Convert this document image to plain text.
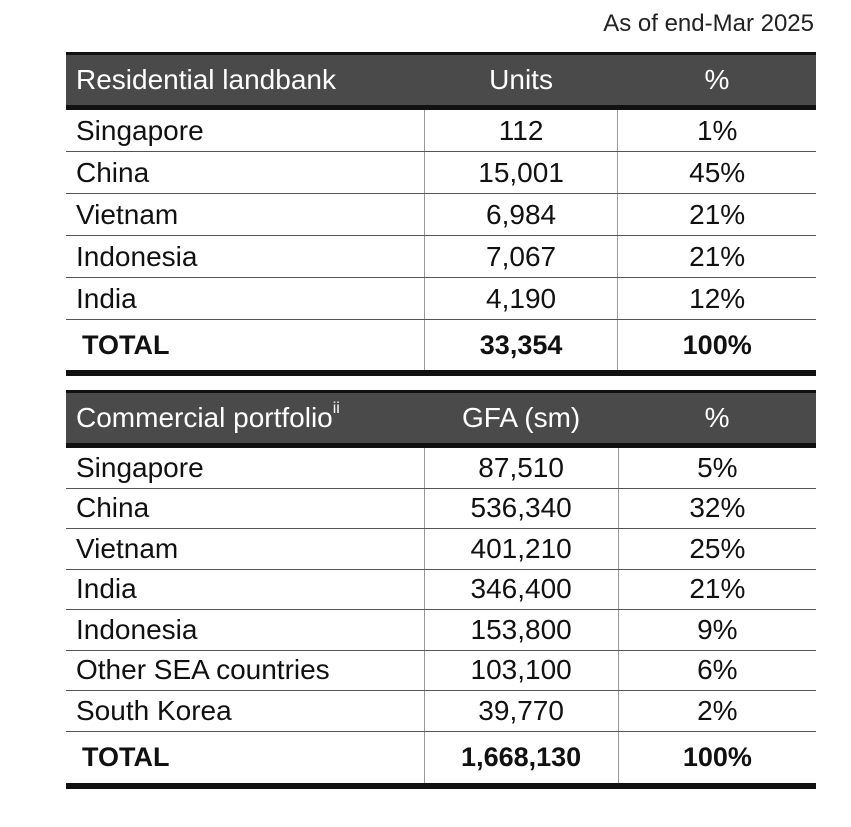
As of end-Mar 2025
Residential landbank	Units	%
Singapore	112	1%
China	15,001	45%
Vietnam	6,984	21%
Indonesia	7,067	21%
India	4,190	12%
TOTAL	33,354	100%
Commercial portfolio$^{ii}$	GFA (sm)	%
Singapore	87,510	5%
China	536,340	32%
Vietnam	401,210	25%
India	346,400	21%
Indonesia	153,800	9%
Other SEA countries	103,100	6%
South Korea	39,770	2%
TOTAL	1,668,130	100%
